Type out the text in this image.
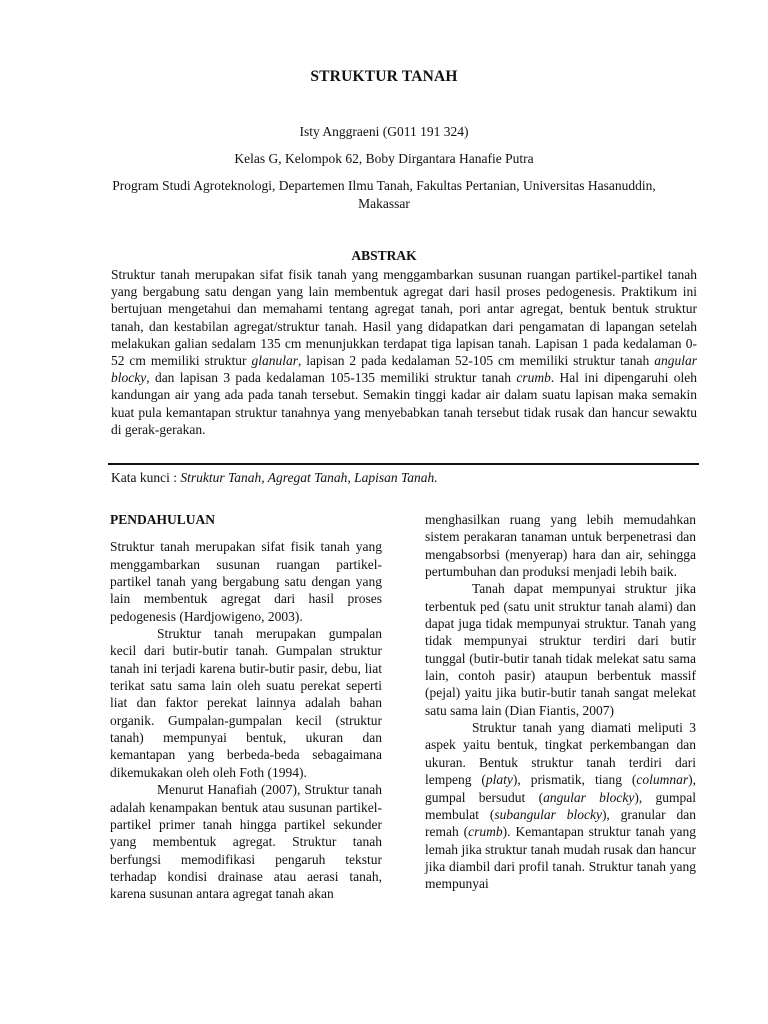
STRUKTUR TANAH
Isty Anggraeni (G011 191 324)
Kelas G, Kelompok 62, Boby Dirgantara Hanafie Putra
Program Studi Agroteknologi, Departemen Ilmu Tanah, Fakultas Pertanian, Universitas Hasanuddin, Makassar
ABSTRAK
Struktur tanah merupakan sifat fisik tanah yang menggambarkan susunan ruangan partikel-partikel tanah yang bergabung satu dengan yang lain membentuk agregat dari hasil proses pedogenesis. Praktikum ini bertujuan mengetahui dan memahami tentang agregat tanah, pori antar agregat, bentuk bentuk struktur tanah, dan kestabilan agregat/struktur tanah. Hasil yang didapatkan dari pengamatan di lapangan setelah melakukan galian sedalam 135 cm menunjukkan terdapat tiga lapisan tanah. Lapisan 1 pada kedalaman 0-52 cm memiliki struktur glanular, lapisan 2 pada kedalaman 52-105 cm memiliki struktur tanah angular blocky, dan lapisan 3 pada kedalaman 105-135 memiliki struktur tanah crumb. Hal ini dipengaruhi oleh kandungan air yang ada pada tanah tersebut. Semakin tinggi kadar air dalam suatu lapisan maka semakin kuat pula kemantapan struktur tanahnya yang menyebabkan tanah tersebut tidak rusak dan hancur sewaktu di gerak-gerakan.
Kata kunci : Struktur Tanah, Agregat Tanah, Lapisan Tanah.
PENDAHULUAN

Struktur tanah merupakan sifat fisik tanah yang menggambarkan susunan ruangan partikel-partikel tanah yang bergabung satu dengan yang lain membentuk agregat dari hasil proses pedogenesis (Hardjowigeno, 2003).

Struktur tanah merupakan gumpalan kecil dari butir-butir tanah. Gumpalan struktur tanah ini terjadi karena butir-butir pasir, debu, liat terikat satu sama lain oleh suatu perekat seperti liat dan faktor perekat lainnya adalah bahan organik. Gumpalan-gumpalan kecil (struktur tanah) mempunyai bentuk, ukuran dan kemantapan yang berbeda-beda sebagaimana dikemukakan oleh oleh Foth (1994).

Menurut Hanafiah (2007), Struktur tanah adalah kenampakan bentuk atau susunan partikel-partikel primer tanah hingga partikel sekunder yang membentuk agregat. Struktur tanah berfungsi memodifikasi pengaruh tekstur terhadap kondisi drainase atau aerasi tanah, karena susunan antara agregat tanah akan

menghasilkan ruang yang lebih memudahkan sistem perakaran tanaman untuk berpenetrasi dan mengabsorbsi (menyerap) hara dan air, sehingga pertumbuhan dan produksi menjadi lebih baik.

Tanah dapat mempunyai struktur jika terbentuk ped (satu unit struktur tanah alami) dan dapat juga tidak mempunyai struktur. Tanah yang tidak mempunyai struktur terdiri dari butir tunggal (butir-butir tanah tidak melekat satu sama lain, contoh pasir) ataupun berbentuk massif (pejal) yaitu jika butir-butir tanah sangat melekat satu sama lain (Dian Fiantis, 2007)

Struktur tanah yang diamati meliputi 3 aspek yaitu bentuk, tingkat perkembangan dan ukuran. Bentuk struktur tanah terdiri dari lempeng (platy), prismatik, tiang (columnar), gumpal bersudut (angular blocky), gumpal membulat (subangular blocky), granular dan remah (crumb). Kemantapan struktur tanah yang lemah jika struktur tanah mudah rusak dan hancur jika diambil dari profil tanah. Struktur tanah yang mempunyai
